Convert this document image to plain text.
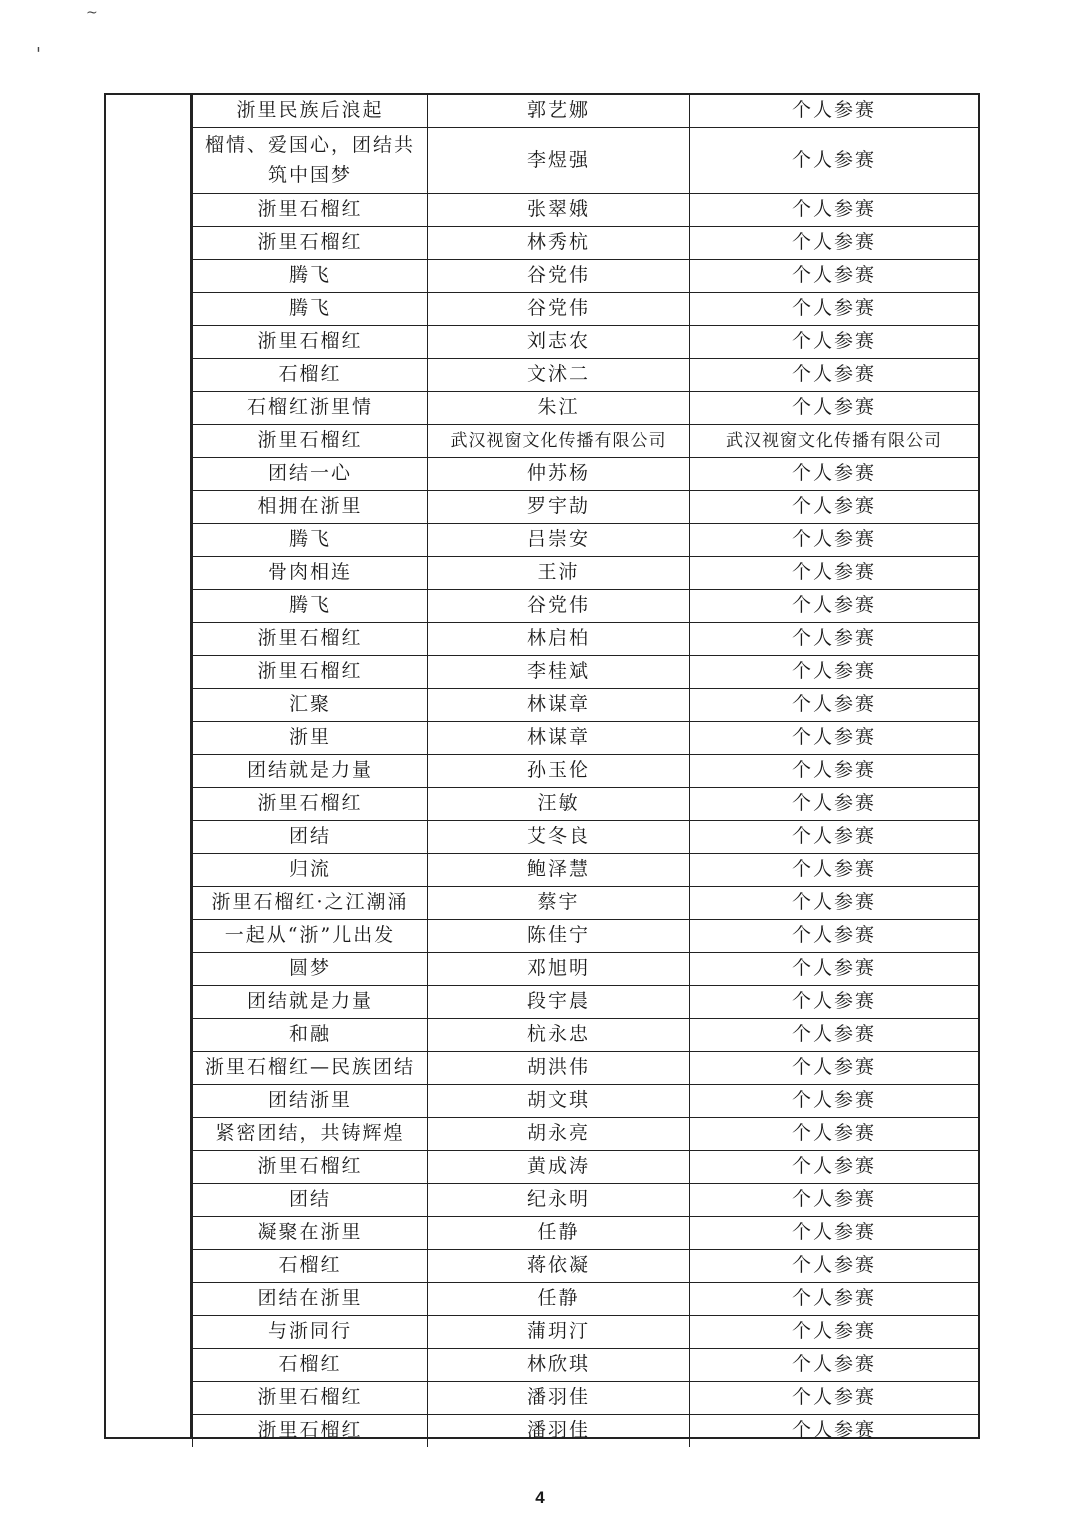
~
'
浙里民族后浪起	郭艺娜	个人参赛
榴情、爱国心，团结共筑中国梦	李煜强	个人参赛
浙里石榴红	张翠娥	个人参赛
浙里石榴红	林秀杭	个人参赛
腾飞	谷党伟	个人参赛
腾飞	谷党伟	个人参赛
浙里石榴红	刘志农	个人参赛
石榴红	文沭二	个人参赛
石榴红浙里情	朱江	个人参赛
浙里石榴红	武汉视窗文化传播有限公司	武汉视窗文化传播有限公司
团结一心	仲苏杨	个人参赛
相拥在浙里	罗宇劼	个人参赛
腾飞	吕崇安	个人参赛
骨肉相连	王沛	个人参赛
腾飞	谷党伟	个人参赛
浙里石榴红	林启柏	个人参赛
浙里石榴红	李桂斌	个人参赛
汇聚	林谋章	个人参赛
浙里	林谋章	个人参赛
团结就是力量	孙玉伦	个人参赛
浙里石榴红	汪敏	个人参赛
团结	艾冬良	个人参赛
归流	鲍泽慧	个人参赛
浙里石榴红·之江潮涌	蔡宇	个人参赛
一起从“浙”儿出发	陈佳宁	个人参赛
圆梦	邓旭明	个人参赛
团结就是力量	段宇晨	个人参赛
和融	杭永忠	个人参赛
浙里石榴红—民族团结	胡洪伟	个人参赛
团结浙里	胡文琪	个人参赛
紧密团结，共铸辉煌	胡永亮	个人参赛
浙里石榴红	黄成涛	个人参赛
团结	纪永明	个人参赛
凝聚在浙里	任静	个人参赛
石榴红	蒋依凝	个人参赛
团结在浙里	任静	个人参赛
与浙同行	蒲玥汀	个人参赛
石榴红	林欣琪	个人参赛
浙里石榴红	潘羽佳	个人参赛
浙里石榴红	潘羽佳	个人参赛
4
